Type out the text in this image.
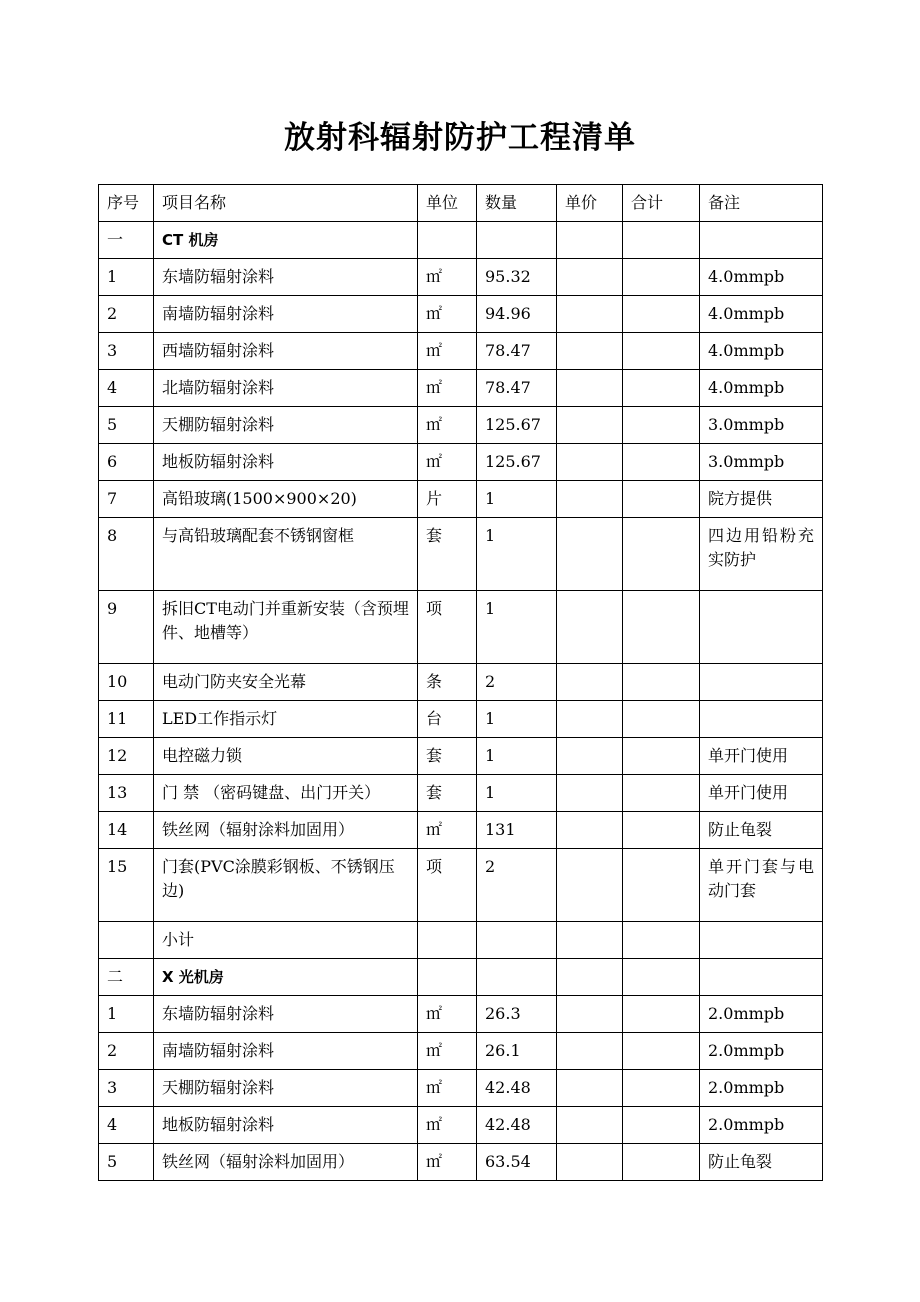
放射科辐射防护工程清单
序号	项目名称	单位	数量	单价	合计	备注
一	CT 机房					
1	东墙防辐射涂料	㎡	95.32			4.0mmpb
2	南墙防辐射涂料	㎡	94.96			4.0mmpb
3	西墙防辐射涂料	㎡	78.47			4.0mmpb
4	北墙防辐射涂料	㎡	78.47			4.0mmpb
5	天棚防辐射涂料	㎡	125.67			3.0mmpb
6	地板防辐射涂料	㎡	125.67			3.0mmpb
7	高铅玻璃(1500×900×20)	片	1			院方提供
8	与高铅玻璃配套不锈钢窗框	套	1			四边用铅粉充实防护
9	拆旧CT电动门并重新安装（含预埋件、地槽等）	项	1			
10	电动门防夹安全光幕	条	2			
11	LED工作指示灯	台	1			
12	电控磁力锁	套	1			单开门使用
13	门 禁 （密码键盘、出门开关）	套	1			单开门使用
14	铁丝网（辐射涂料加固用）	㎡	131			防止龟裂
15	门套(PVC涂膜彩钢板、不锈钢压边)	项	2			单开门套与电动门套
	小计					
二	X 光机房					
1	东墙防辐射涂料	㎡	26.3			2.0mmpb
2	南墙防辐射涂料	㎡	26.1			2.0mmpb
3	天棚防辐射涂料	㎡	42.48			2.0mmpb
4	地板防辐射涂料	㎡	42.48			2.0mmpb
5	铁丝网（辐射涂料加固用）	㎡	63.54			防止龟裂
